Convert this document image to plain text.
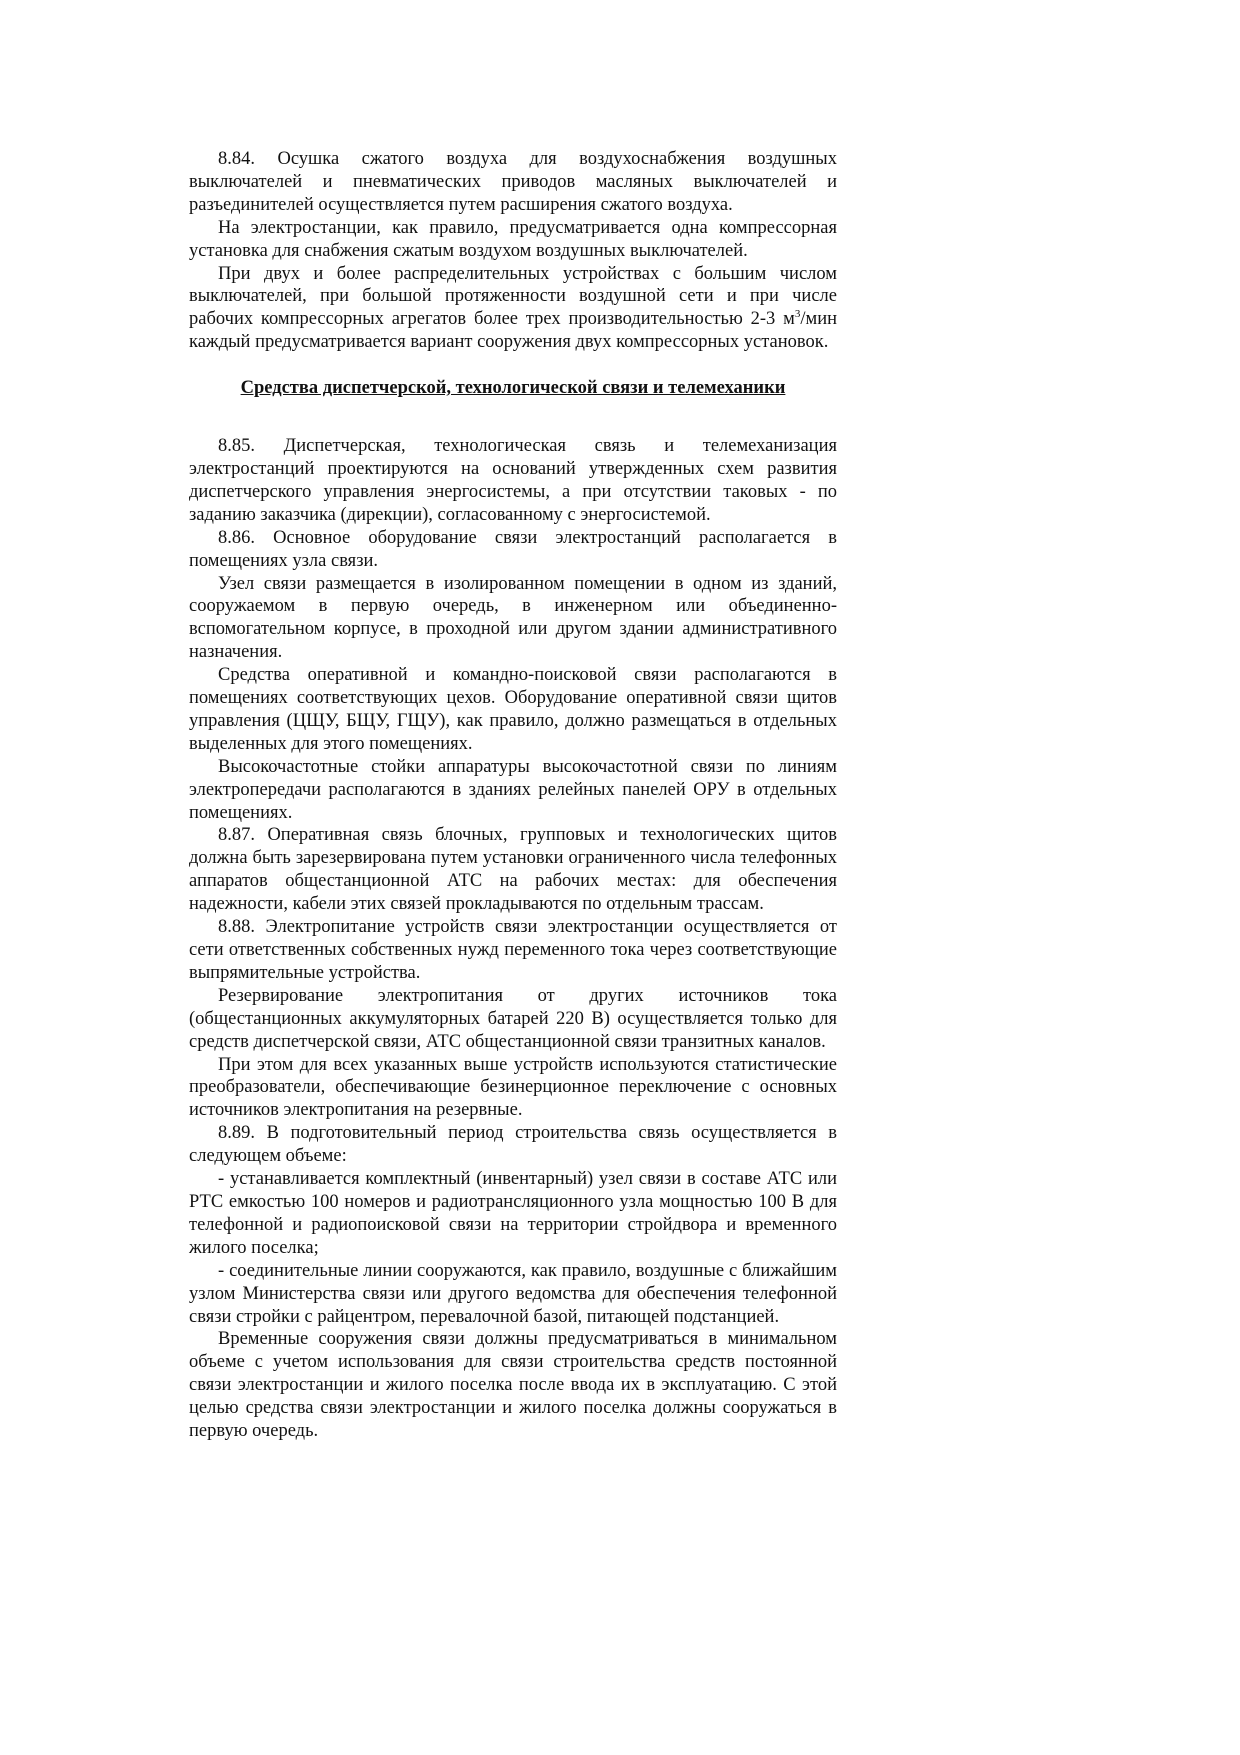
8.84. Осушка сжатого воздуха для воздухоснабжения воздушных выключателей и пневматических приводов масляных выключателей и разъединителей осуществляется путем расширения сжатого воздуха.

На электростанции, как правило, предусматривается одна компрессорная установка для снабжения сжатым воздухом воздушных выключателей.

При двух и более распределительных устройствах с большим числом выключателей, при большой протяженности воздушной сети и при числе рабочих компрессорных агрегатов более трех производительностью 2-3 $м^3$/мин каждый предусматривается вариант сооружения двух компрессорных установок.

Средства диспетчерской, технологической связи и телемеханики

8.85. Диспетчерская, технологическая связь и телемеханизация электростанций проектируются на оснований утвержденных схем развития диспетчерского управления энергосистемы, а при отсутствии таковых - по заданию заказчика (дирекции), согласованному с энергосистемой.

8.86. Основное оборудование связи электростанций располагается в помещениях узла связи.

Узел связи размещается в изолированном помещении в одном из зданий, сооружаемом в первую очередь, в инженерном или объединенно-вспомогательном корпусе, в проходной или другом здании административного назначения.

Средства оперативной и командно-поисковой связи располагаются в помещениях соответствующих цехов. Оборудование оперативной связи щитов управления (ЦЩУ, БЩУ, ГЩУ), как правило, должно размещаться в отдельных выделенных для этого помещениях.

Высокочастотные стойки аппаратуры высокочастотной связи по линиям электропередачи располагаются в зданиях релейных панелей ОРУ в отдельных помещениях.

8.87. Оперативная связь блочных, групповых и технологических щитов должна быть зарезервирована путем установки ограниченного числа телефонных аппаратов общестанционной АТС на рабочих местах: для обеспечения надежности, кабели этих связей прокладываются по отдельным трассам.

8.88. Электропитание устройств связи электростанции осуществляется от сети ответственных собственных нужд переменного тока через соответствующие выпрямительные устройства.

Резервирование электропитания от других источников тока (общестанционных аккумуляторных батарей 220 В) осуществляется только для средств диспетчерской связи, АТС общестанционной связи транзитных каналов.

При этом для всех указанных выше устройств используются статистические преобразователи, обеспечивающие безинерционное переключение с основных источников электропитания на резервные.

8.89. В подготовительный период строительства связь осуществляется в следующем объеме:

- устанавливается комплектный (инвентарный) узел связи в составе АТС или РТС емкостью 100 номеров и радиотрансляционного узла мощностью 100 В для телефонной и радиопоисковой связи на территории стройдвора и временного жилого поселка;

- соединительные линии сооружаются, как правило, воздушные с ближайшим узлом Министерства связи или другого ведомства для обеспечения телефонной связи стройки с райцентром, перевалочной базой, питающей подстанцией.

Временные сооружения связи должны предусматриваться в минимальном объеме с учетом использования для связи строительства средств постоянной связи электростанции и жилого поселка после ввода их в эксплуатацию. С этой целью средства связи электростанции и жилого поселка должны сооружаться в первую очередь.
